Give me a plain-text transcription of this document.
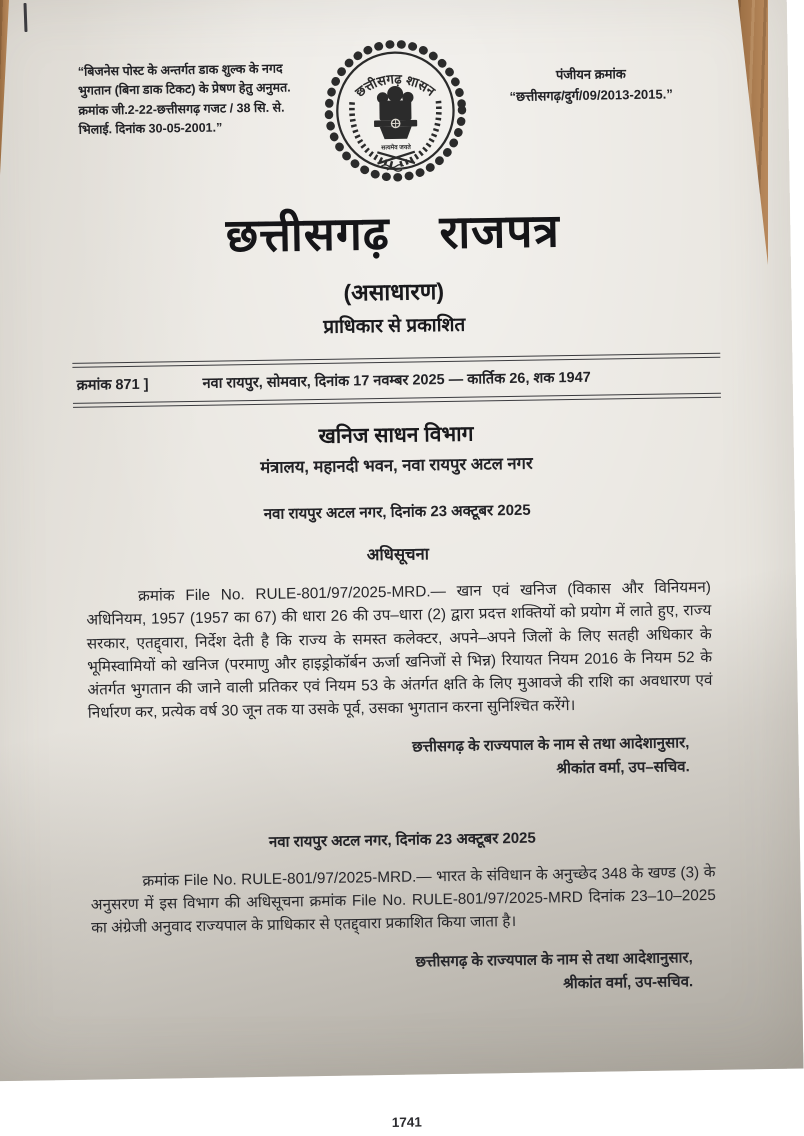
“बिजनेस पोस्ट के अन्तर्गत डाक शुल्क के नगद भुगतान (बिना डाक टिकट) के प्रेषण हेतु अनुमत. क्रमांक जी.2-22-छत्तीसगढ़ गजट / 38 सि. से. भिलाई. दिनांक 30-05-2001.”
छत्तीसगढ़ शासन
सत्यमेव जयते
पंजीयन क्रमांक
“छत्तीसगढ़/दुर्ग/09/2013-2015.”
छत्तीसगढ़ राजपत्र
(असाधारण)
प्राधिकार से प्रकाशित
क्रमांक 871 ]	नवा रायपुर, सोमवार, दिनांक 17 नवम्बर 2025 — कार्तिक 26, शक 1947
खनिज साधन विभाग
मंत्रालय, महानदी भवन, नवा रायपुर अटल नगर
नवा रायपुर अटल नगर, दिनांक 23 अक्टूबर 2025
अधिसूचना

क्रमांक File No. RULE-801/97/2025-MRD.— खान एवं खनिज (विकास और विनियमन) अधिनियम, 1957 (1957 का 67) की धारा 26 की उप–धारा (2) द्वारा प्रदत्त शक्तियों को प्रयोग में लाते हुए, राज्य सरकार, एतद्द्वारा, निर्देश देती है कि राज्य के समस्त कलेक्टर, अपने–अपने जिलों के लिए सतही अधिकार के भूमिस्वामियों को खनिज (परमाणु और हाइड्रोकॉर्बन ऊर्जा खनिजों से भिन्न) रियायत नियम 2016 के नियम 52 के अंतर्गत भुगतान की जाने वाली प्रतिकर एवं नियम 53 के अंतर्गत क्षति के लिए मुआवजे की राशि का अवधारण एवं निर्धारण कर, प्रत्येक वर्ष 30 जून तक या उसके पूर्व, उसका भुगतान करना सुनिश्चित करेंगे।

छत्तीसगढ़ के राज्यपाल के नाम से तथा आदेशानुसार,
श्रीकांत वर्मा, उप–सचिव.
नवा रायपुर अटल नगर, दिनांक 23 अक्टूबर 2025

क्रमांक File No. RULE-801/97/2025-MRD.— भारत के संविधान के अनुच्छेद 348 के खण्ड (3) के अनुसरण में इस विभाग की अधिसूचना क्रमांक File No. RULE-801/97/2025-MRD दिनांक 23–10–2025 का अंग्रेजी अनुवाद राज्यपाल के प्राधिकार से एतद्द्वारा प्रकाशित किया जाता है।

छत्तीसगढ़ के राज्यपाल के नाम से तथा आदेशानुसार,
श्रीकांत वर्मा, उप-सचिव.
1741
